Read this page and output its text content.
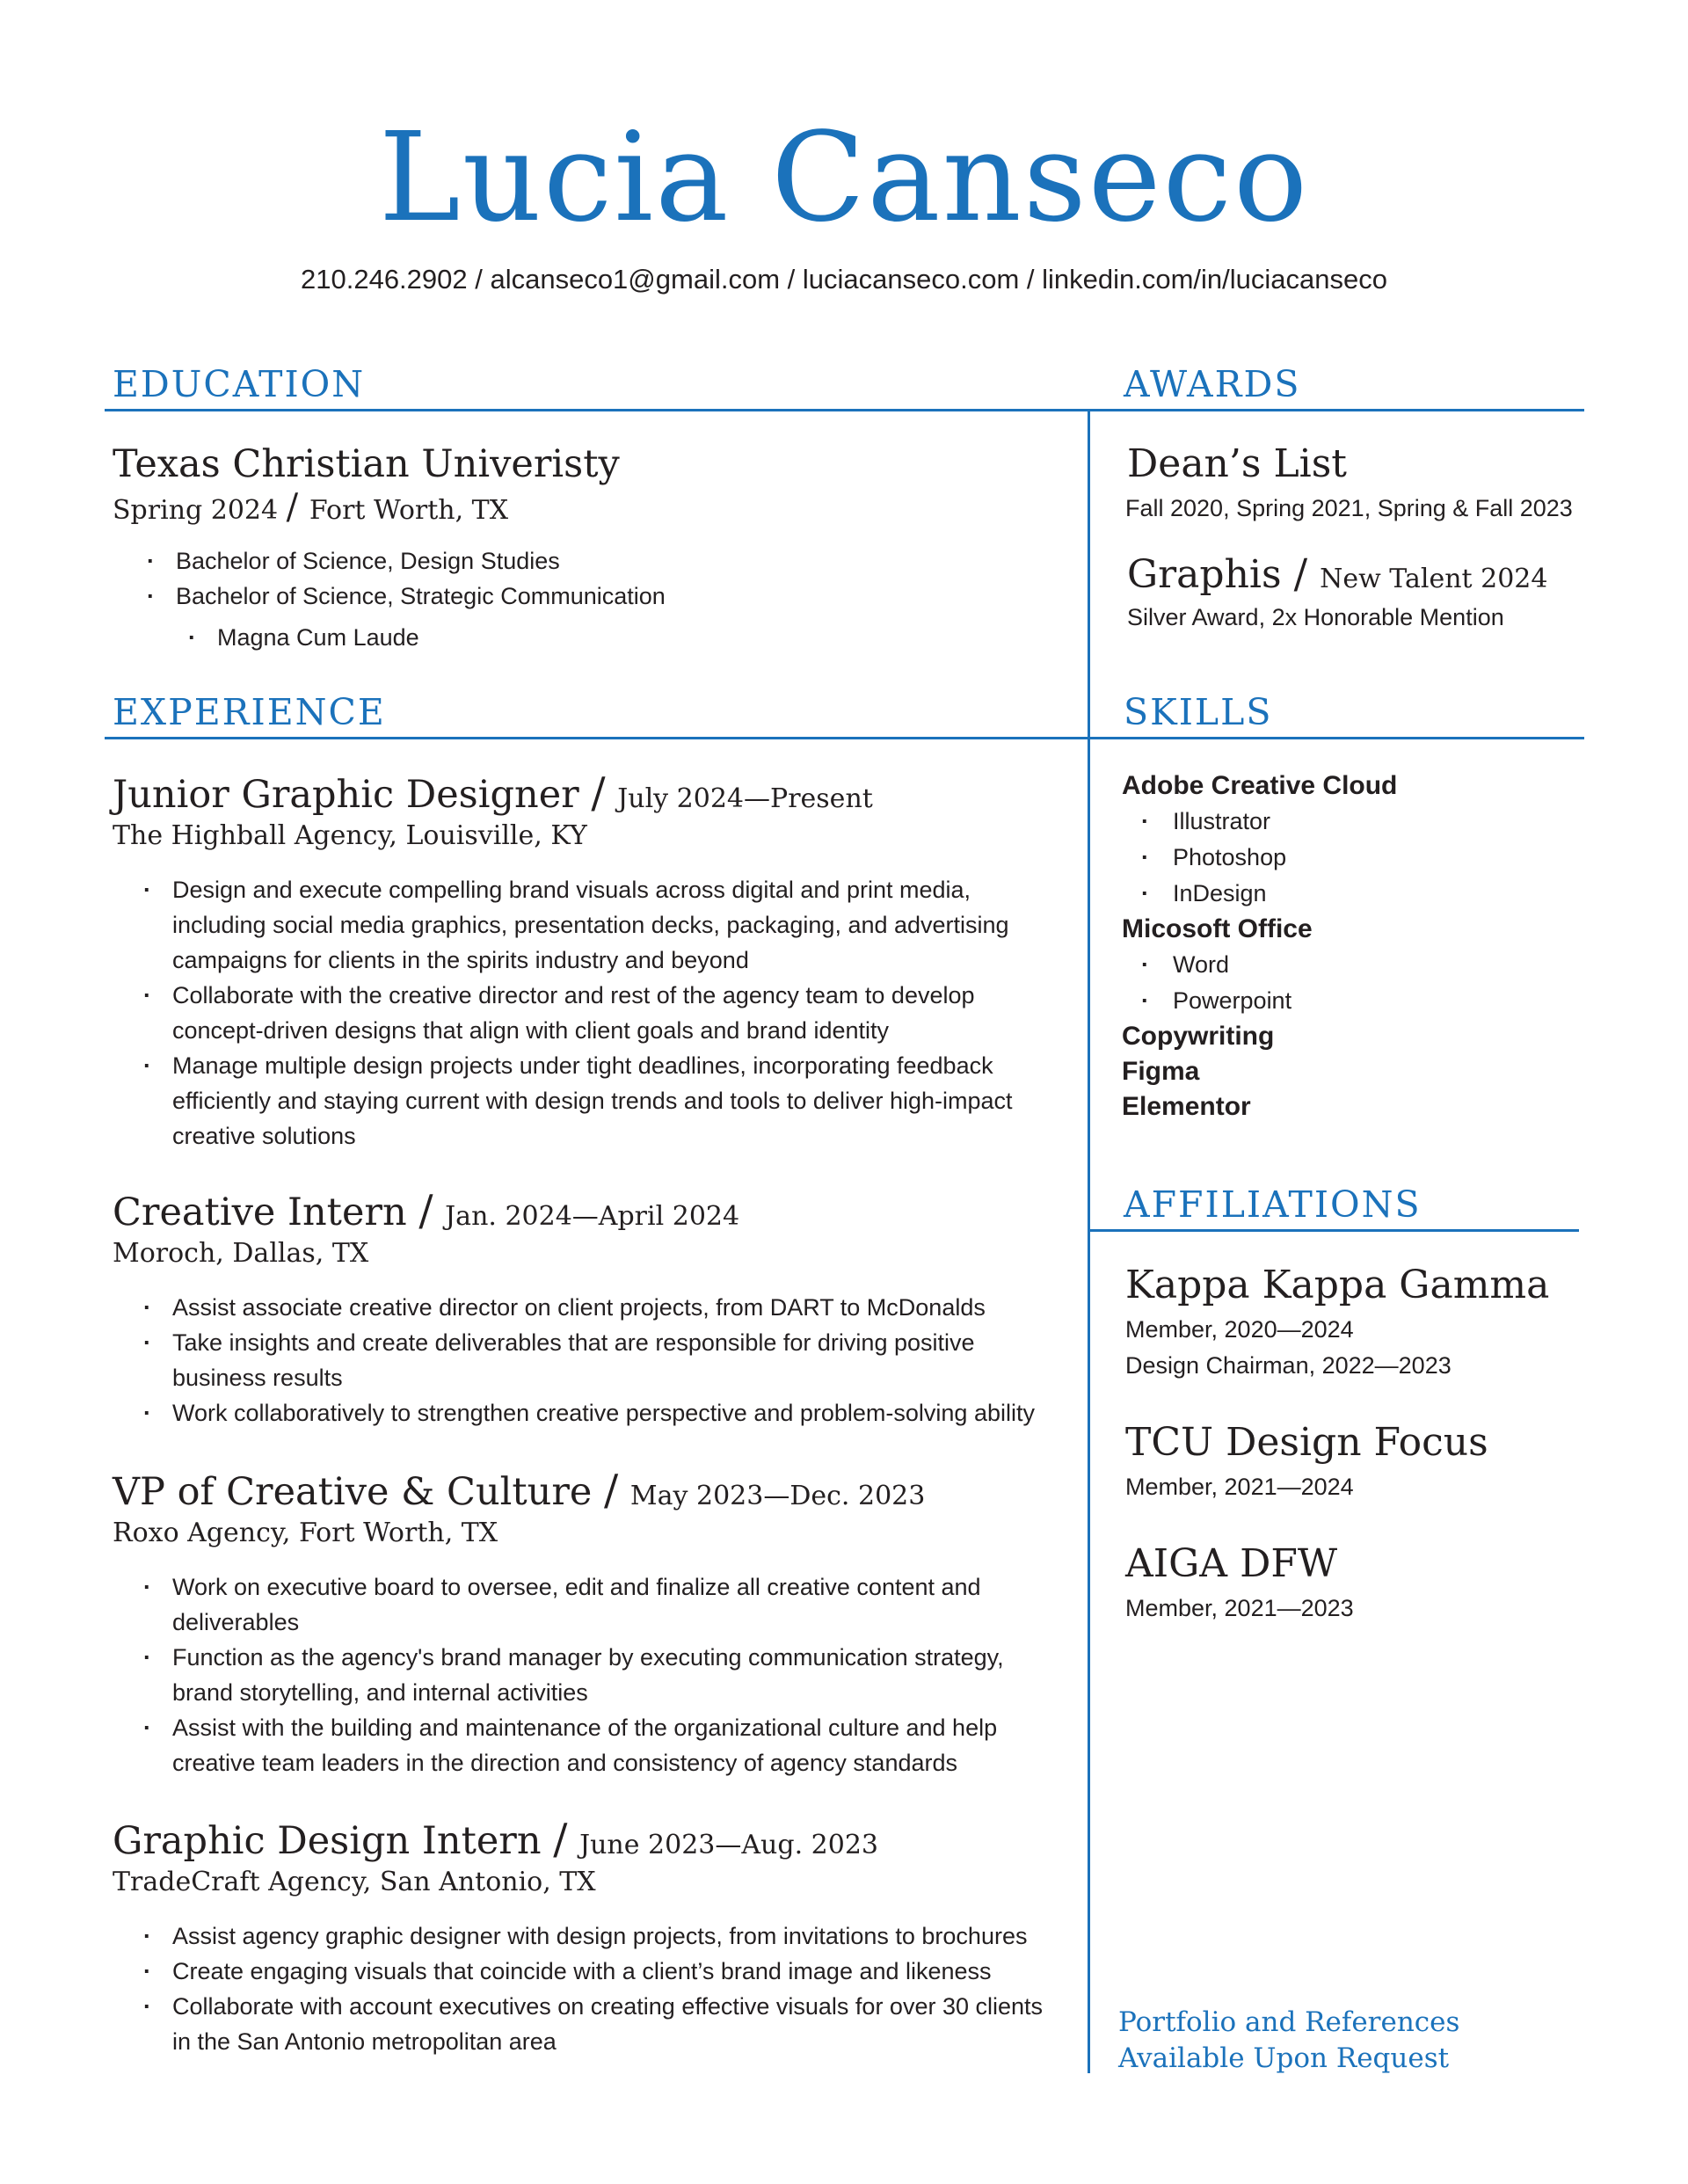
Lucia Canseco
210.246.2902 / alcanseco1@gmail.com / luciacanseco.com / linkedin.com/in/luciacanseco
EDUCATION	AWARDS
EXPERIENCE	SKILLS
AFFILIATIONS
Texas Christian Univeristy
Spring 2024 / Fort Worth, TX
· Bachelor of Science, Design Studies
· Bachelor of Science, Strategic Communication
· Magna Cum Laude
Junior Graphic Designer / July 2024—Present
The Highball Agency, Louisville, KY
· Design and execute compelling brand visuals across digital and print media, including social media graphics, presentation decks, packaging, and advertising campaigns for clients in the spirits industry and beyond
· Collaborate with the creative director and rest of the agency team to develop concept-driven designs that align with client goals and brand identity
· Manage multiple design projects under tight deadlines, incorporating feedback efficiently and staying current with design trends and tools to deliver high-impact creative solutions
Creative Intern / Jan. 2024—April 2024
Moroch, Dallas, TX
· Assist associate creative director on client projects, from DART to McDonalds
· Take insights and create deliverables that are responsible for driving positive business results
· Work collaboratively to strengthen creative perspective and problem-solving ability
VP of Creative & Culture / May 2023—Dec. 2023
Roxo Agency, Fort Worth, TX
· Work on executive board to oversee, edit and finalize all creative content and deliverables
· Function as the agency's brand manager by executing communication strategy, brand storytelling, and internal activities
· Assist with the building and maintenance of the organizational culture and help creative team leaders in the direction and consistency of agency standards
Graphic Design Intern / June 2023—Aug. 2023
TradeCraft Agency, San Antonio, TX
· Assist agency graphic designer with design projects, from invitations to brochures
· Create engaging visuals that coincide with a client’s brand image and likeness
· Collaborate with account executives on creating effective visuals for over 30 clients in the San Antonio metropolitan area
Dean’s List
Fall 2020, Spring 2021, Spring & Fall 2023
Graphis / New Talent 2024
Silver Award, 2x Honorable Mention
Adobe Creative Cloud
· Illustrator
· Photoshop
· InDesign
Micosoft Office
· Word
· Powerpoint
Copywriting
Figma
Elementor
Kappa Kappa Gamma
Member, 2020—2024
Design Chairman, 2022—2023
TCU Design Focus
Member, 2021—2024
AIGA DFW
Member, 2021—2023
Portfolio and References
Available Upon Request
